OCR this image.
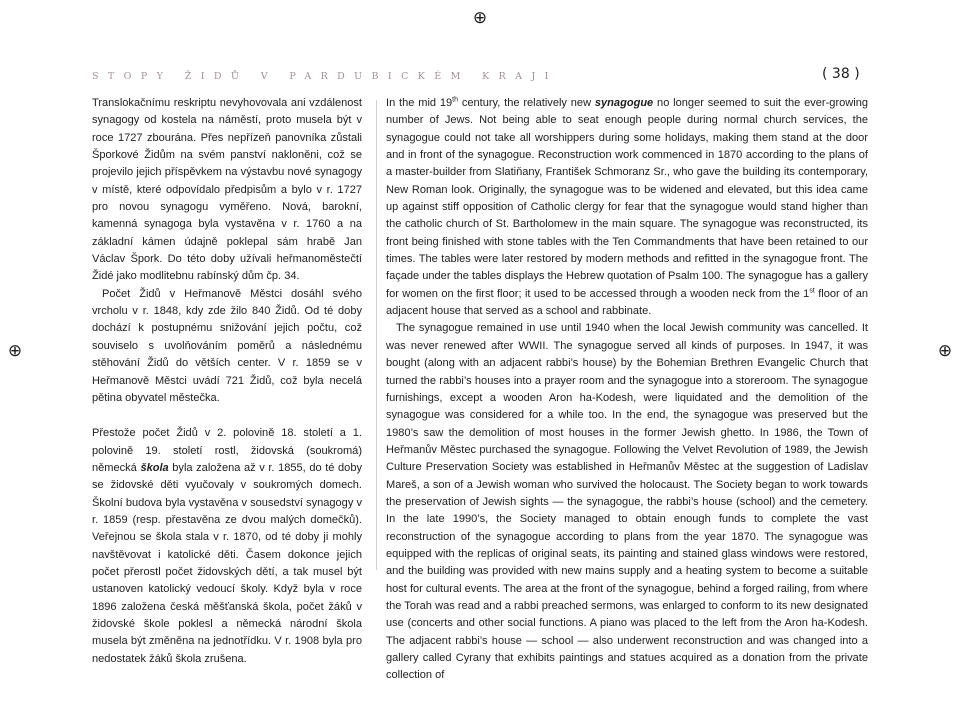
⊕
⊕	⊕
STOPY ŽIDŮ V PARDUBICKÉM KRAJI	( 38 )

Translokačnímu reskriptu nevyhovovala ani vzdálenost synagogy od kostela na náměstí, proto musela být v roce 1727 zbourána. Přes nepřízeň panovníka zůstali Šporkové Židům na svém panství nakloněni, což se projevilo jejich příspěvkem na výstavbu nové synagogy v místě, které odpovídalo předpisům a bylo v r. 1727 pro novou synagogu vyměřeno. Nová, barokní, kamenná synagoga byla vystavěna v r. 1760 a na základní kámen údajně poklepal sám hrabě Jan Václav Špork. Do této doby užívali heřmanoměstečtí Židé jako modlitebnu rabínský dům čp. 34.

Počet Židů v Heřmanově Městci dosáhl svého vrcholu v r. 1848, kdy zde žilo 840 Židů. Od té doby dochází k postupnému snižování jejich počtu, což souviselo s uvolňováním poměrů a následnému stěhování Židů do větších center. V r. 1859 se v Heřmanově Městci uvádí 721 Židů, což byla necelá pětina obyvatel městečka.

Přestože počet Židů v 2. polovině 18. století a 1. polovině 19. století rostl, židovská (soukromá) německá škola byla založena až v r. 1855, do té doby se židovské děti vyučovaly v soukromých domech. Školní budova byla vystavěna v sousedství synagogy v r. 1859 (resp. přestavěna ze dvou malých domečků). Veřejnou se škola stala v r. 1870, od té doby ji mohly navštěvovat i katolické děti. Časem dokonce jejich počet přerostl počet židovských dětí, a tak musel být ustanoven katolický vedoucí školy. Když byla v roce 1896 založena česká měšťanská škola, počet žáků v židovské škole poklesl a německá národní škola musela být změněna na jednotřídku. V r. 1908 byla pro nedostatek žáků škola zrušena.

In the mid 19th century, the relatively new synagogue no longer seemed to suit the ever-growing number of Jews. Not being able to seat enough people during normal church services, the synagogue could not take all worshippers during some holidays, making them stand at the door and in front of the synagogue. Reconstruction work commenced in 1870 according to the plans of a master-builder from Slatiňany, František Schmoranz Sr., who gave the building its contemporary, New Roman look. Originally, the synagogue was to be widened and elevated, but this idea came up against stiff opposition of Catholic clergy for fear that the synagogue would stand higher than the catholic church of St. Bartholomew in the main square. The synagogue was reconstructed, its front being finished with stone tables with the Ten Commandments that have been retained to our times. The tables were later restored by modern methods and refitted in the synagogue front. The façade under the tables displays the Hebrew quotation of Psalm 100. The synagogue has a gallery for women on the first floor; it used to be accessed through a wooden neck from the 1st floor of an adjacent house that served as a school and rabbinate.

The synagogue remained in use until 1940 when the local Jewish community was cancelled. It was never renewed after WWII. The synagogue served all kinds of purposes. In 1947, it was bought (along with an adjacent rabbi’s house) by the Bohemian Brethren Evangelic Church that turned the rabbi’s houses into a prayer room and the synagogue into a storeroom. The synagogue furnishings, except a wooden Aron ha-Kodesh, were liquidated and the demolition of the synagogue was considered for a while too. In the end, the synagogue was preserved but the 1980’s saw the demolition of most houses in the former Jewish ghetto. In 1986, the Town of Heřmanův Městec purchased the synagogue. Following the Velvet Revolution of 1989, the Jewish Culture Preservation Society was established in Heřmanův Městec at the suggestion of Ladislav Mareš, a son of a Jewish woman who survived the holocaust. The Society began to work towards the preservation of Jewish sights — the synagogue, the rabbi’s house (school) and the cemetery. In the late 1990’s, the Society managed to obtain enough funds to complete the vast reconstruction of the synagogue according to plans from the year 1870. The synagogue was equipped with the replicas of original seats, its painting and stained glass windows were restored, and the building was provided with new mains supply and a heating system to become a suitable host for cultural events. The area at the front of the synagogue, behind a forged railing, from where the Torah was read and a rabbi preached sermons, was enlarged to conform to its new designated use (concerts and other social functions. A piano was placed to the left from the Aron ha-Kodesh. The adjacent rabbi’s house — school — also underwent reconstruction and was changed into a gallery called Cyrany that exhibits paintings and statues acquired as a donation from the private collection of
